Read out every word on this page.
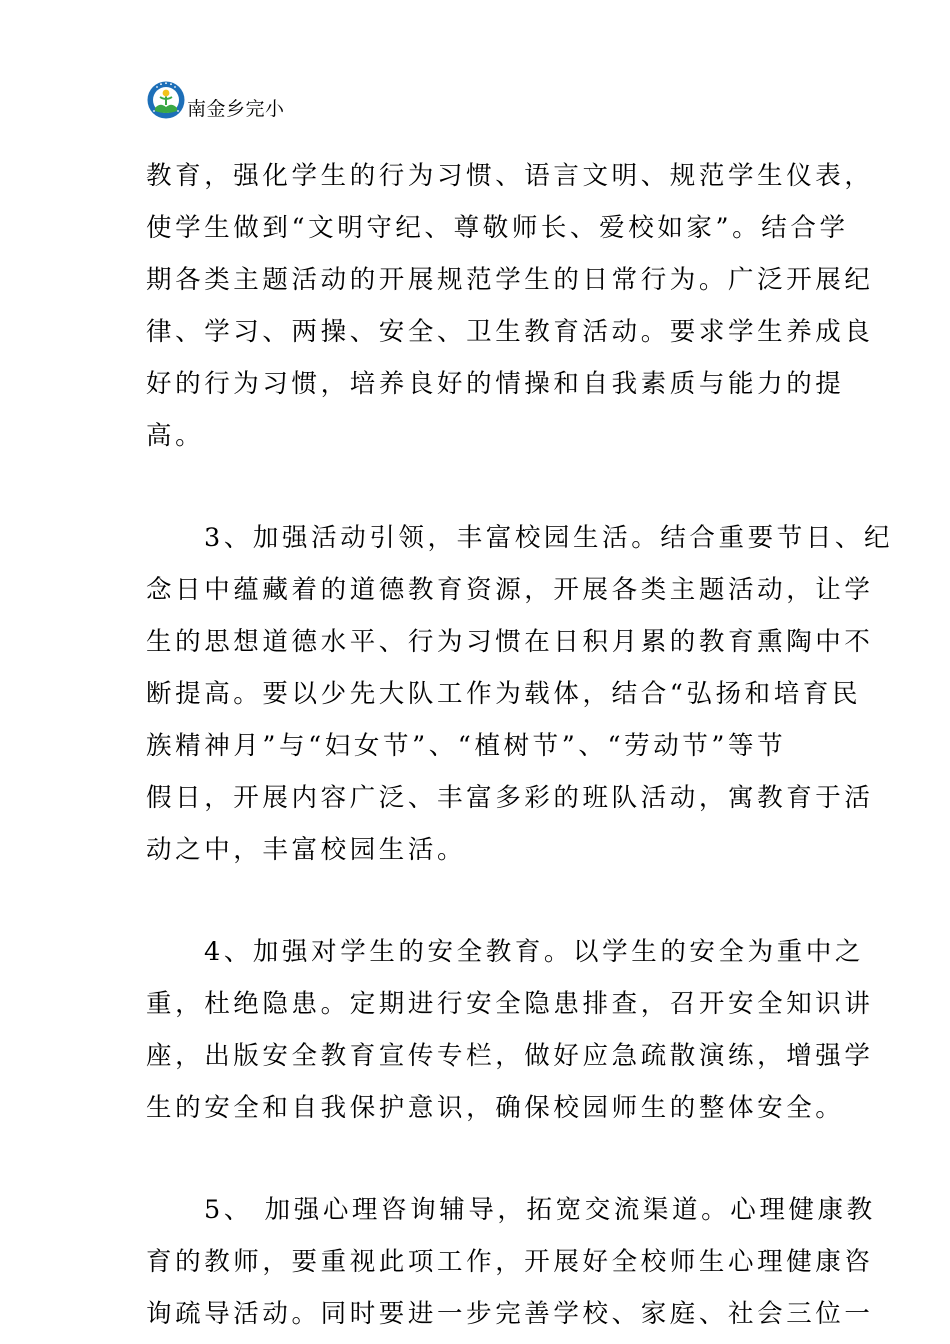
南金乡完小

教育，强化学生的行为习惯、语言文明、规范学生仪表，
使学生做到“文明守纪、尊敬师长、爱校如家”。结合学
期各类主题活动的开展规范学生的日常行为。广泛开展纪
律、学习、两操、安全、卫生教育活动。要求学生养成良
好的行为习惯，培养良好的情操和自我素质与能力的提
高。

3、加强活动引领，丰富校园生活。结合重要节日、纪
念日中蕴藏着的道德教育资源，开展各类主题活动，让学
生的思想道德水平、行为习惯在日积月累的教育熏陶中不
断提高。要以少先大队工作为载体，结合“弘扬和培育民
族精神月”与“妇女节”、“植树节”、“劳动节”等节
假日，开展内容广泛、丰富多彩的班队活动，寓教育于活
动之中，丰富校园生活。

4、加强对学生的安全教育。以学生的安全为重中之
重，杜绝隐患。定期进行安全隐患排查，召开安全知识讲
座，出版安全教育宣传专栏，做好应急疏散演练，增强学
生的安全和自我保护意识，确保校园师生的整体安全。

5、 加强心理咨询辅导，拓宽交流渠道。心理健康教
育的教师，要重视此项工作，开展好全校师生心理健康咨
询疏导活动。同时要进一步完善学校、家庭、社会三位一
